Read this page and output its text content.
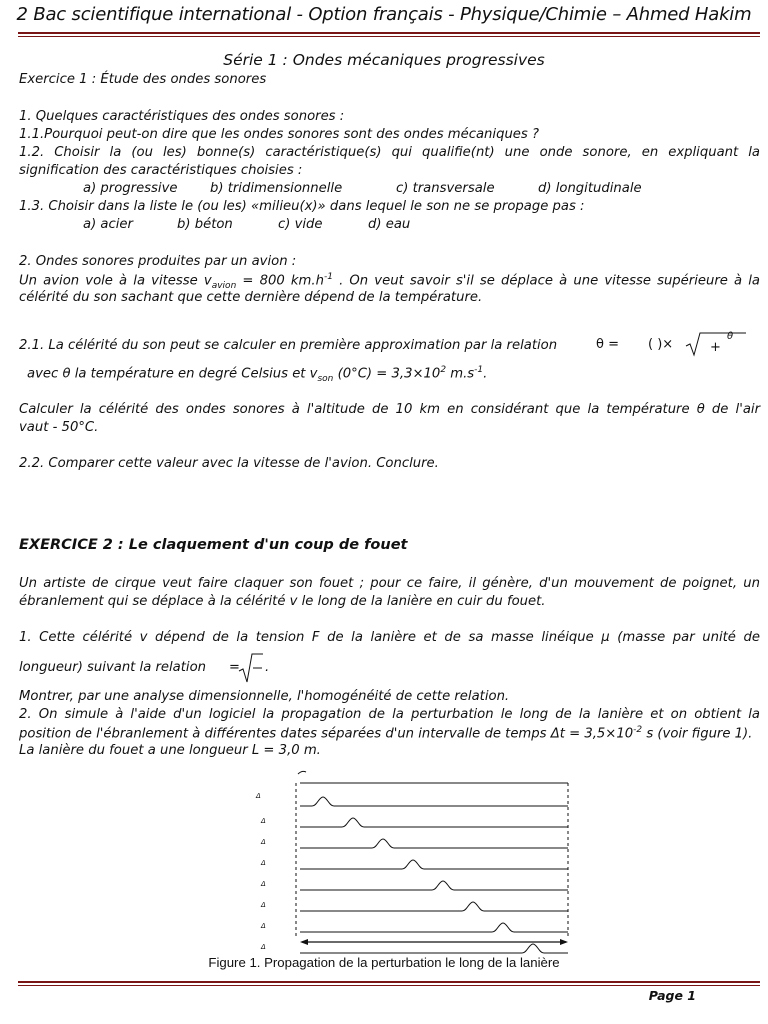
2 Bac scientifique international - Option français - Physique/Chimie – Ahmed Hakim
Série 1 : Ondes mécaniques progressives
Exercice 1 : Étude des ondes sonores
1. Quelques caractéristiques des ondes sonores :
1.1.Pourquoi peut-on dire que les ondes sonores sont des ondes mécaniques ?
1.2. Choisir la (ou les) bonne(s) caractéristique(s) qui qualifie(nt) une onde sonore, en expliquant la
signification des caractéristiques choisies :
a) progressive b) tridimensionnelle	c) transversale	d) longitudinale
1.3. Choisir dans la liste le (ou les) «milieu(x)» dans lequel le son ne se propage pas :
a) acier	b) béton	c) vide	d) eau
2. Ondes sonores produites par un avion :
Un avion vole à la vitesse $v_{avion} = 800$ $km.h^{-1}$ . On veut savoir s'il se déplace à une vitesse supérieure à la
célérité du son sachant que cette dernière dépend de la température.
2.1. La célérité du son peut se calculer en première approximation par la relation	θ = ( )×	+
θ
avec θ la température en degré Celsius et $v_{son}$ $(0^\circ C) = 3,3\times 10^2$ $m.s^{-1}$.
Calculer la célérité des ondes sonores à l'altitude de 10 km en considérant que la température θ de l'air
vaut - 50°C.
2.2. Comparer cette valeur avec la vitesse de l'avion. Conclure.
EXERCICE 2 : Le claquement d'un coup de fouet
Un artiste de cirque veut faire claquer son fouet ; pour ce faire, il génère, d'un mouvement de poignet, un
ébranlement qui se déplace à la célérité v le long de la lanière en cuir du fouet.
1. Cette célérité v dépend de la tension F de la lanière et de sa masse linéique μ (masse par unité de
longueur) suivant la relation = .
Montrer, par une analyse dimensionnelle, l'homogénéité de cette relation.
2. On simule à l'aide d'un logiciel la propagation de la perturbation le long de la lanière et on obtient la
position de l'ébranlement à différentes dates séparées d'un intervalle de temps $\Delta t = 3,5\times 10^{-2}$ s (voir figure 1).
La lanière du fouet a une longueur L = 3,0 m.
Δ
Δ
Δ
Δ
Δ
Δ
Δ
Δ
Figure 1. Propagation de la perturbation le long de la lanière
Page 1
